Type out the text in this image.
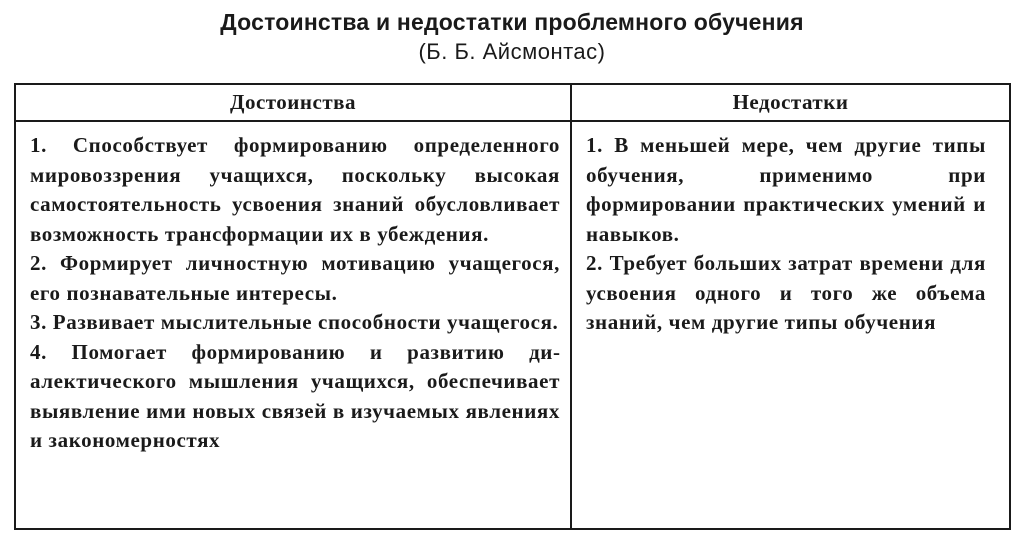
Достоинства и недостатки проблемного обучения
(Б. Б. Айсмонтас)
Достоинства	Недостатки

1. Способствует формированию определенного мировоззрения учащихся, поскольку высокая самостоятельность усвоения знаний обусловливает возможность трансформации их в убеждения.

2. Формирует личностную мотивацию учащегося, его познавательные интересы.

3. Развивает мыслительные способности учащегося.

4. Помогает формированию и развитию диалектического мышления учащихся, обеспечивает выявление ими новых связей в изучаемых явлениях и закономерностях

1. В меньшей мере, чем другие типы обучения, применимо при формировании практических умений и навыков.

2. Требует больших затрат времени для усвоения одного и того же объема знаний, чем другие типы обучения
